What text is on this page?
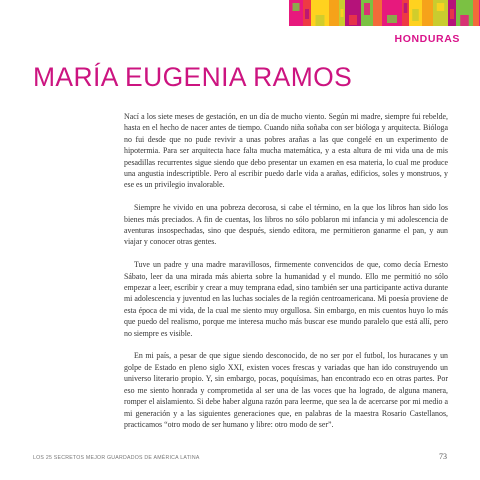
HONDURAS
MARÍA EUGENIA RAMOS

Nací a los siete meses de gestación, en un día de mucho viento. Según mi madre, siempre fui rebelde, hasta en el hecho de nacer antes de tiempo. Cuando niña soñaba con ser bióloga y arquitecta. Bióloga no fui desde que no pude revivir a unas pobres arañas a las que congelé en un experimento de hipotermia. Para ser arquitecta hace falta mucha matemática, y a esta altura de mi vida una de mis pesadillas recurrentes sigue siendo que debo presentar un examen en esa materia, lo cual me produce una angustia indescriptible. Pero al escribir puedo darle vida a arañas, edificios, soles y monstruos, y ese es un privilegio invalorable.

Siempre he vivido en una pobreza decorosa, si cabe el término, en la que los libros han sido los bienes más preciados. A fin de cuentas, los libros no sólo poblaron mi infancia y mi adolescencia de aventuras insospechadas, sino que después, siendo editora, me permitieron ganarme el pan, y aun viajar y conocer otras gentes.

Tuve un padre y una madre maravillosos, firmemente convencidos de que, como decía Ernesto Sábato, leer da una mirada más abierta sobre la humanidad y el mundo. Ello me permitió no sólo empezar a leer, escribir y crear a muy temprana edad, sino también ser una participante activa durante mi adolescencia y juventud en las luchas sociales de la región centroamericana. Mi poesía proviene de esta época de mi vida, de la cual me siento muy orgullosa. Sin embargo, en mis cuentos huyo lo más que puedo del realismo, porque me interesa mucho más buscar ese mundo paralelo que está allí, pero no siempre es visible.

En mi país, a pesar de que sigue siendo desconocido, de no ser por el futbol, los huracanes y un golpe de Estado en pleno siglo XXI, existen voces frescas y variadas que han ido construyendo un universo literario propio. Y, sin embargo, pocas, poquísimas, han encontrado eco en otras partes. Por eso me siento honrada y comprometida al ser una de las voces que ha logrado, de alguna manera, romper el aislamiento. Si debe haber alguna razón para leerme, que sea la de acercarse por mi medio a mi generación y a las siguientes generaciones que, en palabras de la maestra Rosario Castellanos, practicamos “otro modo de ser humano y libre: otro modo de ser”.

LOS 25 SECRETOS MEJOR GUARDADOS DE AMÉRICA LATINA	73
